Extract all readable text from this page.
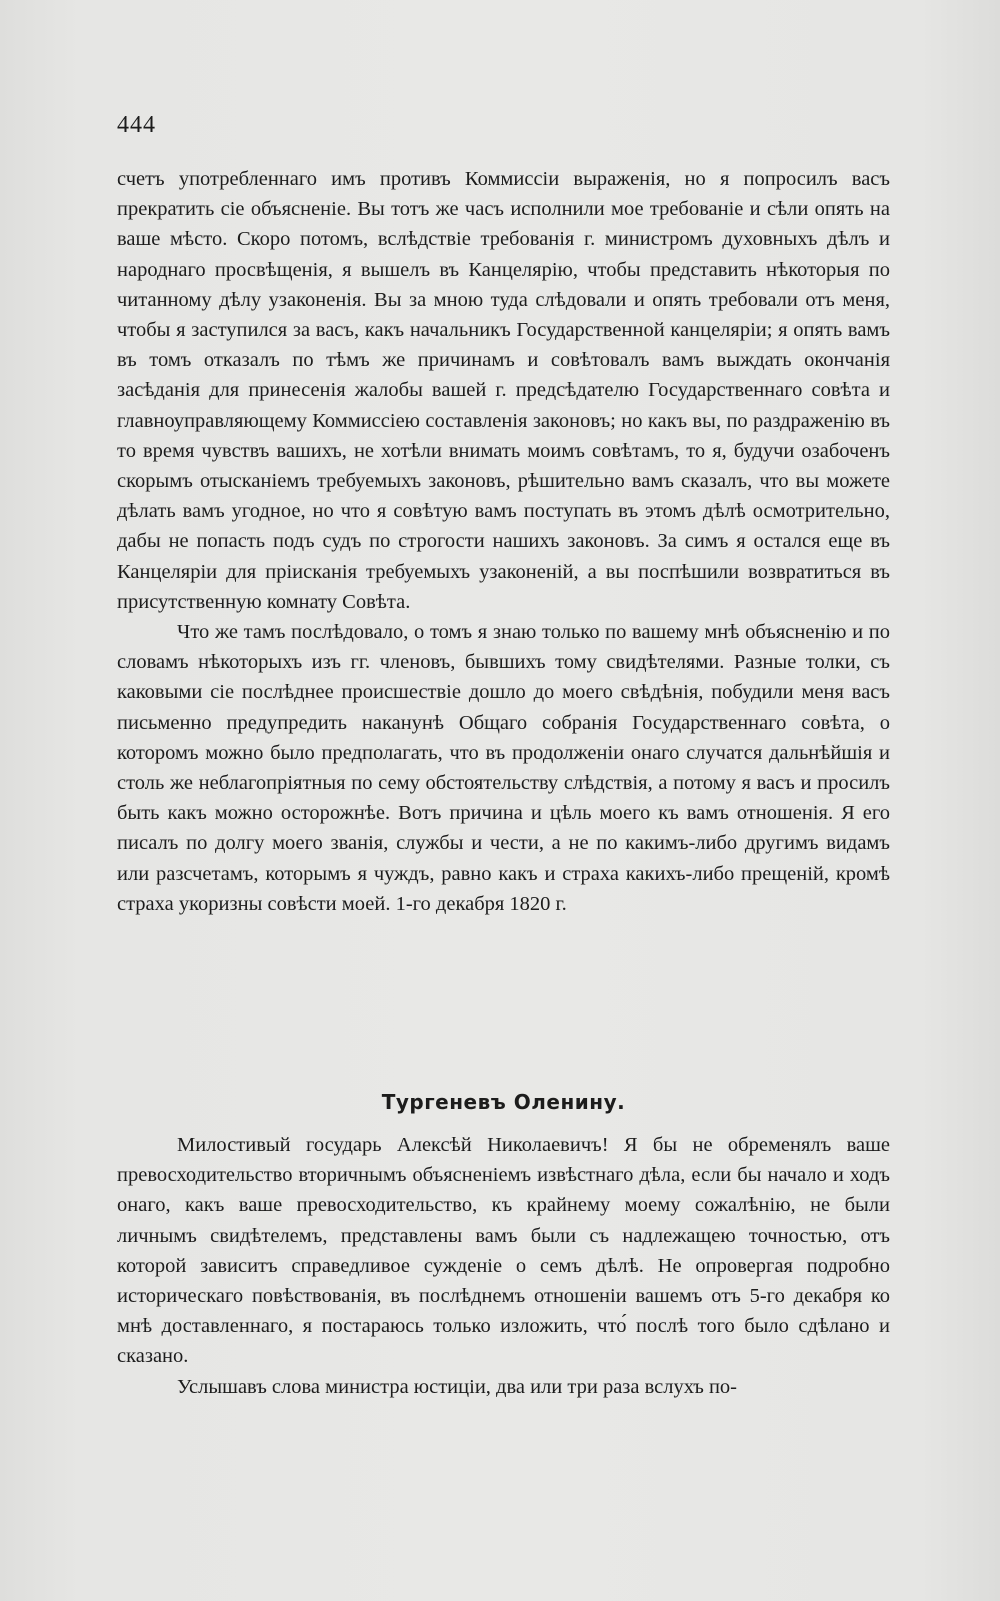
444

счетъ употребленнаго имъ противъ Коммиссіи выраженія, но я попросилъ васъ прекратить сіе объясненіе. Вы тотъ же часъ исполнили мое требованіе и сѣли опять на ваше мѣсто. Скоро потомъ, вслѣдствіе требованія г. министромъ духовныхъ дѣлъ и народнаго просвѣщенія, я вышелъ въ Канцелярію, чтобы представить нѣкоторыя по читанному дѣлу узаконенія. Вы за мною туда слѣдовали и опять требовали отъ меня, чтобы я заступился за васъ, какъ начальникъ Государственной канцеляріи; я опять вамъ въ томъ отказалъ по тѣмъ же причинамъ и совѣтовалъ вамъ выждать окончанія засѣданія для принесенія жалобы вашей г. предсѣдателю Государственнаго совѣта и главноуправляющему Коммиссіею составленія законовъ; но какъ вы, по раздраженію въ то время чувствъ вашихъ, не хотѣли внимать моимъ совѣтамъ, то я, будучи озабоченъ скорымъ отысканіемъ требуемыхъ законовъ, рѣшительно вамъ сказалъ, что вы можете дѣлать вамъ угодное, но что я совѣтую вамъ поступать въ этомъ дѣлѣ осмотрительно, дабы не попасть подъ судъ по строгости нашихъ законовъ. За симъ я остался еще въ Канцеляріи для пріисканія требуемыхъ узаконеній, а вы поспѣшили возвратиться въ присутственную комнату Совѣта.

Что же тамъ послѣдовало, о томъ я знаю только по вашему мнѣ объясненію и по словамъ нѣкоторыхъ изъ гг. членовъ, бывшихъ тому свидѣтелями. Разные толки, съ каковыми сіе послѣднее происшествіе дошло до моего свѣдѣнія, побудили меня васъ письменно предупредить наканунѣ Общаго собранія Государственнаго совѣта, о которомъ можно было предполагать, что въ продолженіи онаго случатся дальнѣйшія и столь же неблагопріятныя по сему обстоятельству слѣдствія, а потому я васъ и просилъ быть какъ можно осторожнѣе. Вотъ причина и цѣль моего къ вамъ отношенія. Я его писалъ по долгу моего званія, службы и чести, а не по какимъ-либо другимъ видамъ или разсчетамъ, которымъ я чуждъ, равно какъ и страха какихъ-либо прещеній, кромѣ страха укоризны совѣсти моей. 1-го декабря 1820 г.

Тургеневъ Оленину.

Милостивый государь Алексѣй Николаевичъ! Я бы не обременялъ ваше превосходительство вторичнымъ объясненіемъ извѣстнаго дѣла, если бы начало и ходъ онаго, какъ ваше превосходительство, къ крайнему моему сожалѣнію, не были личнымъ свидѣтелемъ, представлены вамъ были съ надлежащею точностью, отъ которой зависитъ справедливое сужденіе о семъ дѣлѣ. Не опровергая подробно историческаго повѣствованія, въ послѣднемъ отношеніи вашемъ отъ 5-го декабря ко мнѣ доставленнаго, я постараюсь только изложить, что́ послѣ того было сдѣлано и сказано.

Услышавъ слова министра юстиціи, два или три раза вслухъ по-
